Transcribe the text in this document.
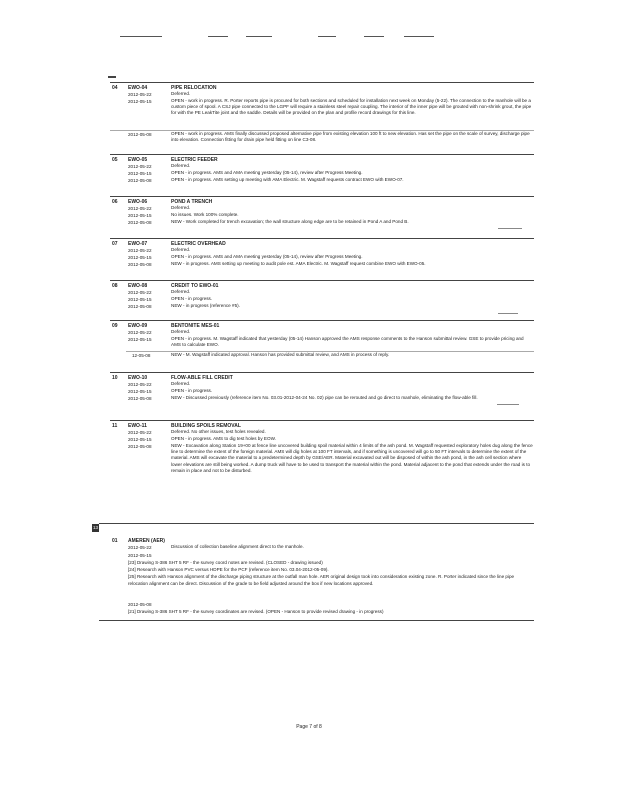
04 EWO-04	PIPE RELOCATION
2012-05-22	Deferred.
2012-05-15	OPEN - work in progress. R. Porter reports pipe is procured for both sections and scheduled for installation next week on Monday (5-22). The connection to the manhole will be a custom piece of spool. A CSJ pipe connected to the LGPF will require a stainless steel repair coupling. The interior of the inner pipe will be grouted with non-shrink grout, the pipe for with the PE LeakTite joint and the saddle. Details will be provided on the plan and profile record drawings for this line.
2012-05-08	OPEN - work in progress. AMS finally discussed proposed alternative pipe from existing elevation 100 ft to new elevation. Has set the pipe on the scale of survey, discharge pipe into elevation. Connection fitting for drain pipe held fitting on line C3-08.
05 EWO-05	ELECTRIC FEEDER
2012-05-22	Deferred.
2012-05-15	OPEN - in progress. AMS and AMA meeting yesterday (05-14), review after Progress Meeting.
2012-05-08	OPEN - in progress. AMS setting up meeting with AMA Electric. M. Wagstaff requests contract EWO with EWO-07.
06 EWO-06	POND A TRENCH
2012-05-22	Deferred.
2012-05-15	No issues. Work 100% complete.
2012-05-08	NEW - Work completed for trench excavation; the wall structure along edge are to be retained in Pond A and Pond B.
07 EWO-07	ELECTRIC OVERHEAD
2012-05-22	Deferred.
2012-05-15	OPEN - in progress. AMS and AMA meeting yesterday (05-14), review after Progress Meeting.
2012-05-08	NEW - in progress. AMS setting up meeting to audit pole est. AMA Electric. M. Wagstaff request combine EWO with EWO-05.
08 EWO-08	CREDIT TO EWO-01
2012-05-22	Deferred.
2012-05-15	OPEN - in progress.
2012-05-08	NEW - in progress (reference #5).
09 EWO-09	BENTONITE MES-01
2012-05-22	Deferred.
2012-05-15	OPEN - in progress. M. Wagstaff indicated that yesterday (05-14) Hanson approved the AMS response comments to the Hanson submittal review. GSE to provide pricing and AMS to calculate EWO.
12-05-08	NEW - M. Wagstaff indicated approval. Hanson has provided submittal review, and AMS in process of reply.
10 EWO-10	FLOW-ABLE FILL CREDIT
2012-05-22	Deferred.
2012-05-15	OPEN - in progress.
2012-05-08	NEW - Discussed previously (reference item No. 03.01-2012-04-24 No. 02) pipe can be rerouted and go direct to manhole, eliminating the flow-able fill.
11 EWO-11	BUILDING SPOILS REMOVAL
2012-05-22	Deferred. No other issues, test holes revealed.
2012-05-15	OPEN - in progress. AMS to dig test holes by EOW.
2012-05-08	NEW - Excavation along Station 19+00 at fence line uncovered building spoil material within 4 limits of the ash pond. M. Wagstaff requested exploratory holes dug along the fence line to determine the extent of the foreign material. AMS will dig holes at 100 FT intervals, and if something is uncovered will go to 50 FT intervals to determine the extent of the material. AMS will excavate the material to a predetermined depth by GSE/AER. Material excavated out will be disposed of within the ash pond, in the ash cell section where lower elevations are still being worked. A dump truck will have to be used to transport the material within the pond. Material adjacent to the pond that extends under the road is to remain in place and not to be disturbed.
13
01 AMEREN (AER)
2012-05-22	Discussion of collection baseline alignment direct to the manhole.
2012-05-15
[23] Drawing S-386 SHT 5 RF - the survey coord notes are revised. (CLOSED - drawing issued)
[24] Research with Hanson PVC versus HDPE for the PCF (reference item No. 03.04-2012-05-09).
[25] Research with Hanson alignment of the discharge piping structure at the outfall man hole. AER original design took into consideration existing zone. R. Porter indicated since the line pipe relocation alignment can be direct. Discussion of the grade to be field adjusted around the box if new locations approved.
2012-05-08
[21] Drawing S-386 SHT 5 RF - the survey coordinates are revised. (OPEN - Hanson to provide revised drawing - in progress)
Page 7 of 8
